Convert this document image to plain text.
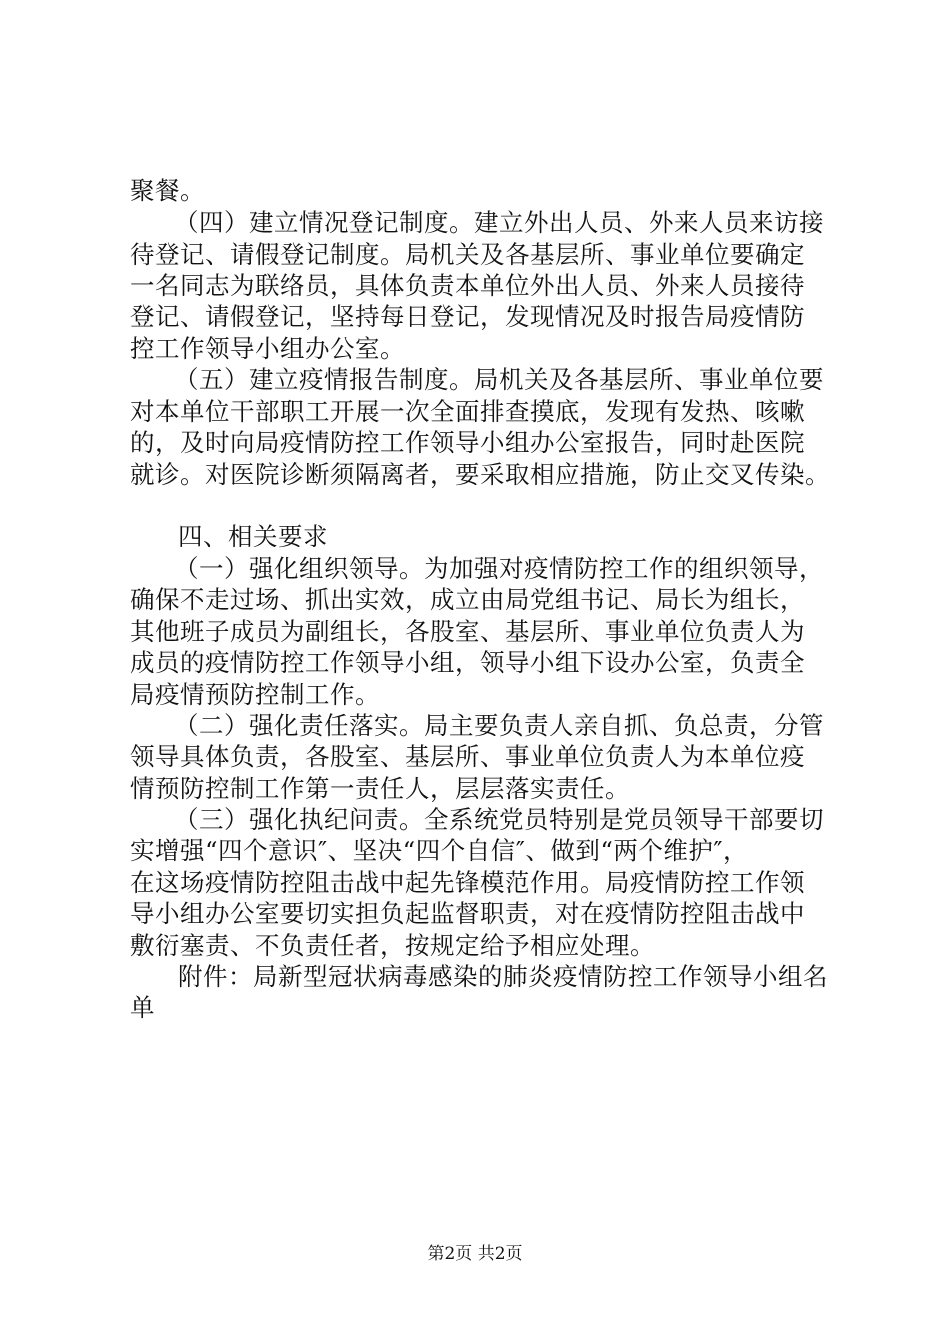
聚餐。
（四）建立情况登记制度。建立外出人员、外来人员来访接
待登记、请假登记制度。局机关及各基层所、事业单位要确定
一名同志为联络员，具体负责本单位外出人员、外来人员接待
登记、请假登记，坚持每日登记，发现情况及时报告局疫情防
控工作领导小组办公室。
（五）建立疫情报告制度。局机关及各基层所、事业单位要
对本单位干部职工开展一次全面排查摸底，发现有发热、咳嗽
的，及时向局疫情防控工作领导小组办公室报告，同时赴医院
就诊。对医院诊断须隔离者，要采取相应措施，防止交叉传染。
四、相关要求
（一）强化组织领导。为加强对疫情防控工作的组织领导，
确保不走过场、抓出实效，成立由局党组书记、局长为组长，
其他班子成员为副组长，各股室、基层所、事业单位负责人为
成员的疫情防控工作领导小组，领导小组下设办公室，负责全
局疫情预防控制工作。
（二）强化责任落实。局主要负责人亲自抓、负总责，分管
领导具体负责，各股室、基层所、事业单位负责人为本单位疫
情预防控制工作第一责任人，层层落实责任。
（三）强化执纪问责。全系统党员特别是党员领导干部要切
实增强“四个意识″、坚决“四个自信″、做到“两个维护″，
在这场疫情防控阻击战中起先锋模范作用。局疫情防控工作领
导小组办公室要切实担负起监督职责，对在疫情防控阻击战中
敷衍塞责、不负责任者，按规定给予相应处理。
附件：局新型冠状病毒感染的肺炎疫情防控工作领导小组名
单
第2页 共2页
